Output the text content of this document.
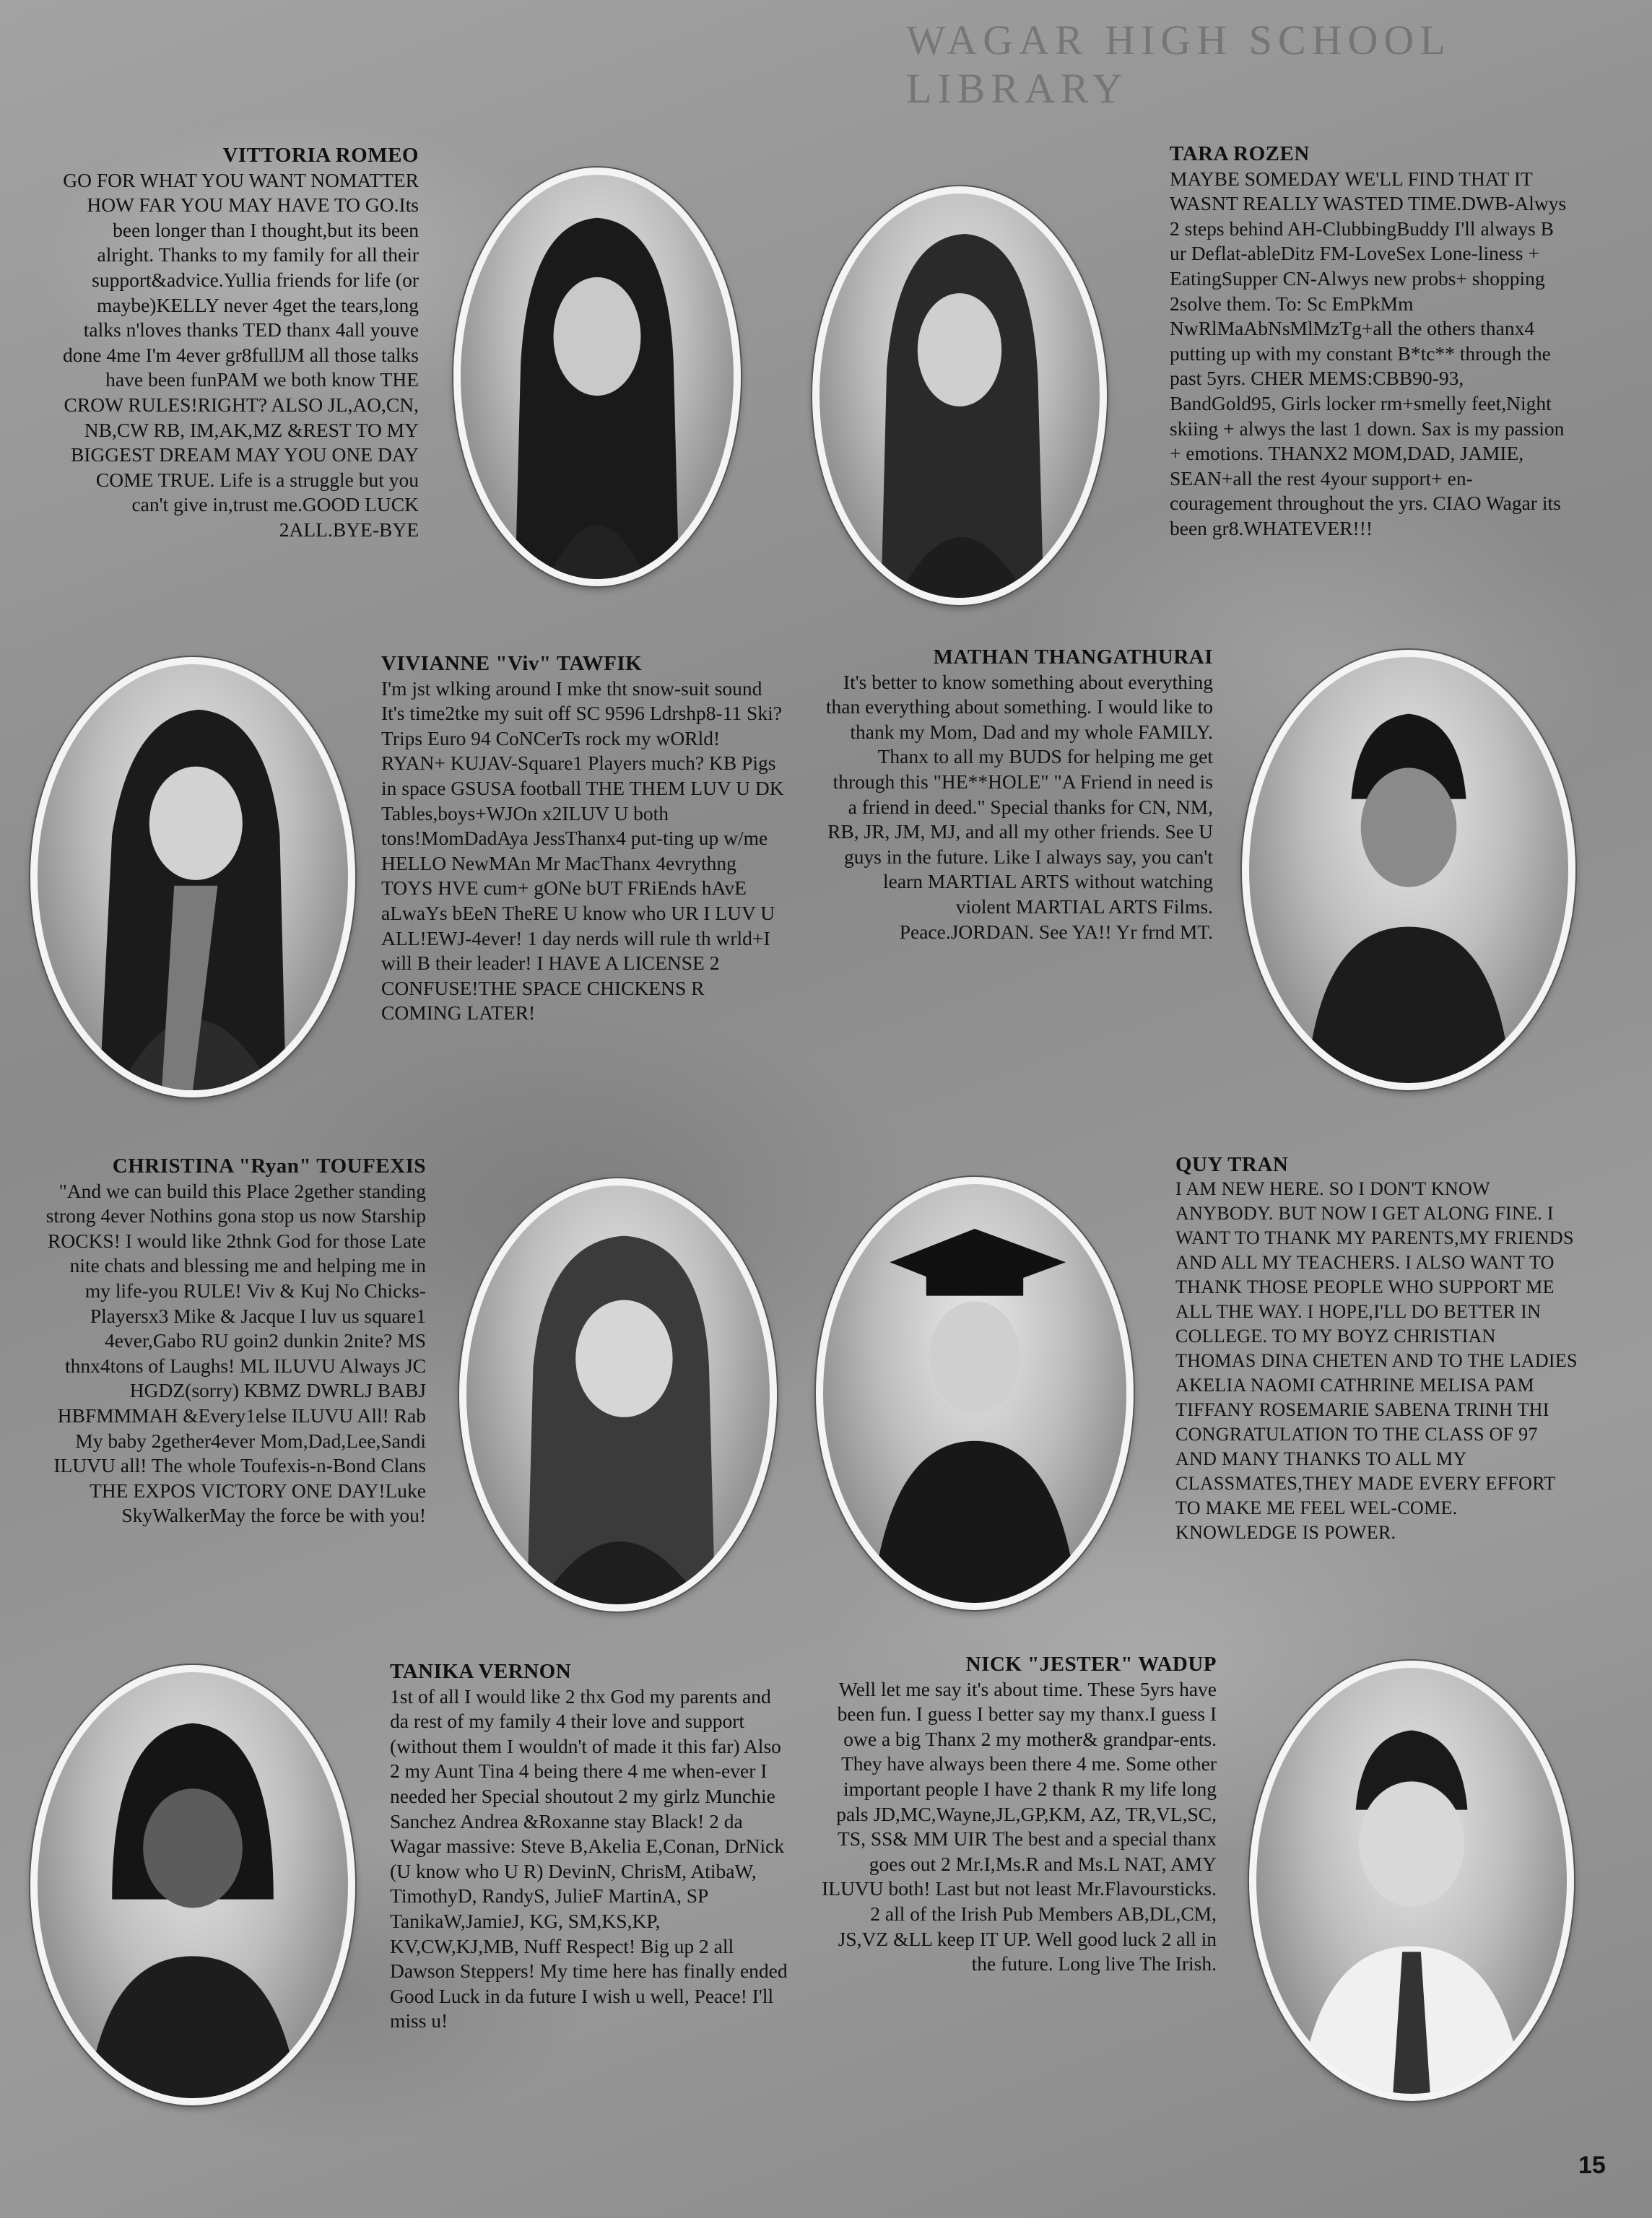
WAGAR HIGH SCHOOL LIBRARY
VITTORIA ROMEO

GO FOR WHAT YOU WANT NOMATTER HOW FAR YOU MAY HAVE TO GO.Its been longer than I thought,but its been alright. Thanks to my family for all their support&advice.Yullia friends for life (or maybe)KELLY never 4get the tears,long talks n'loves thanks TED thanx 4all youve done 4me I'm 4ever gr8fullJM all those talks have been funPAM we both know THE CROW RULES!RIGHT? ALSO JL,AO,CN, NB,CW RB, IM,AK,MZ &REST TO MY BIGGEST DREAM MAY YOU ONE DAY COME TRUE. Life is a struggle but you can't give in,trust me.GOOD LUCK 2ALL.BYE-BYE

TARA ROZEN

MAYBE SOMEDAY WE'LL FIND THAT IT WASNT REALLY WASTED TIME.DWB-Alwys 2 steps behind AH-ClubbingBuddy I'll always B ur Deflat-ableDitz FM-LoveSex Lone-liness + EatingSupper CN-Alwys new probs+ shopping 2solve them. To: Sc EmPkMm NwRlMaAbNsMlMzTg+all the others thanx4 putting up with my constant B*tc** through the past 5yrs. CHER MEMS:CBB90-93, BandGold95, Girls locker rm+smelly feet,Night skiing + alwys the last 1 down. Sax is my passion + emotions. THANX2 MOM,DAD, JAMIE, SEAN+all the rest 4your support+ en-couragement throughout the yrs. CIAO Wagar its been gr8.WHATEVER!!!

VIVIANNE "Viv" TAWFIK

I'm jst wlking around I mke tht snow-suit sound It's time2tke my suit off SC 9596 Ldrshp8-11 Ski?Trips Euro 94 CoNCerTs rock my wORld! RYAN+ KUJAV-Square1 Players much? KB Pigs in space GSUSA football THE THEM LUV U DK Tables,boys+WJOn x2ILUV U both tons!MomDadAya JessThanx4 put-ting up w/me HELLO NewMAn Mr MacThanx 4evrythng TOYS HVE cum+ gONe bUT FRiEnds hAvE aLwaYs bEeN TheRE U know who UR I LUV U ALL!EWJ-4ever! 1 day nerds will rule th wrld+I will B their leader! I HAVE A LICENSE 2 CONFUSE!THE SPACE CHICKENS R COMING LATER!

MATHAN THANGATHURAI

It's better to know something about everything than everything about something. I would like to thank my Mom, Dad and my whole FAMILY. Thanx to all my BUDS for helping me get through this "HE**HOLE" "A Friend in need is a friend in deed." Special thanks for CN, NM, RB, JR, JM, MJ, and all my other friends. See U guys in the future. Like I always say, you can't learn MARTIAL ARTS without watching violent MARTIAL ARTS Films. Peace.JORDAN. See YA!! Yr frnd MT.

CHRISTINA "Ryan" TOUFEXIS

"And we can build this Place 2gether standing strong 4ever Nothins gona stop us now Starship ROCKS! I would like 2thnk God for those Late nite chats and blessing me and helping me in my life-you RULE! Viv & Kuj No Chicks-Playersx3 Mike & Jacque I luv us square1 4ever,Gabo RU goin2 dunkin 2nite? MS thnx4tons of Laughs! ML ILUVU Always JC HGDZ(sorry) KBMZ DWRLJ BABJ HBFMMMAH &Every1else ILUVU All! Rab My baby 2gether4ever Mom,Dad,Lee,Sandi ILUVU all! The whole Toufexis-n-Bond Clans THE EXPOS VICTORY ONE DAY!Luke SkyWalkerMay the force be with you!

QUY TRAN

I AM NEW HERE. SO I DON'T KNOW ANYBODY. BUT NOW I GET ALONG FINE. I WANT TO THANK MY PARENTS,MY FRIENDS AND ALL MY TEACHERS. I ALSO WANT TO THANK THOSE PEOPLE WHO SUPPORT ME ALL THE WAY. I HOPE,I'LL DO BETTER IN COLLEGE. TO MY BOYZ CHRISTIAN THOMAS DINA CHETEN AND TO THE LADIES AKELIA NAOMI CATHRINE MELISA PAM TIFFANY ROSEMARIE SABENA TRINH THI CONGRATULATION TO THE CLASS OF 97 AND MANY THANKS TO ALL MY CLASSMATES,THEY MADE EVERY EFFORT TO MAKE ME FEEL WEL-COME. KNOWLEDGE IS POWER.

TANIKA VERNON

1st of all I would like 2 thx God my parents and da rest of my family 4 their love and support (without them I wouldn't of made it this far) Also 2 my Aunt Tina 4 being there 4 me when-ever I needed her Special shoutout 2 my girlz Munchie Sanchez Andrea &Roxanne stay Black! 2 da Wagar massive: Steve B,Akelia E,Conan, DrNick (U know who U R) DevinN, ChrisM, AtibaW, TimothyD, RandyS, JulieF MartinA, SP TanikaW,JamieJ, KG, SM,KS,KP, KV,CW,KJ,MB, Nuff Respect! Big up 2 all Dawson Steppers! My time here has finally ended Good Luck in da future I wish u well, Peace! I'll miss u!

NICK "JESTER" WADUP

Well let me say it's about time. These 5yrs have been fun. I guess I better say my thanx.I guess I owe a big Thanx 2 my mother& grandpar-ents. They have always been there 4 me. Some other important people I have 2 thank R my life long pals JD,MC,Wayne,JL,GP,KM, AZ, TR,VL,SC, TS, SS& MM UIR The best and a special thanx goes out 2 Mr.I,Ms.R and Ms.L NAT, AMY ILUVU both! Last but not least Mr.Flavoursticks. 2 all of the Irish Pub Members AB,DL,CM, JS,VZ &LL keep IT UP. Well good luck 2 all in the future. Long live The Irish.

15
